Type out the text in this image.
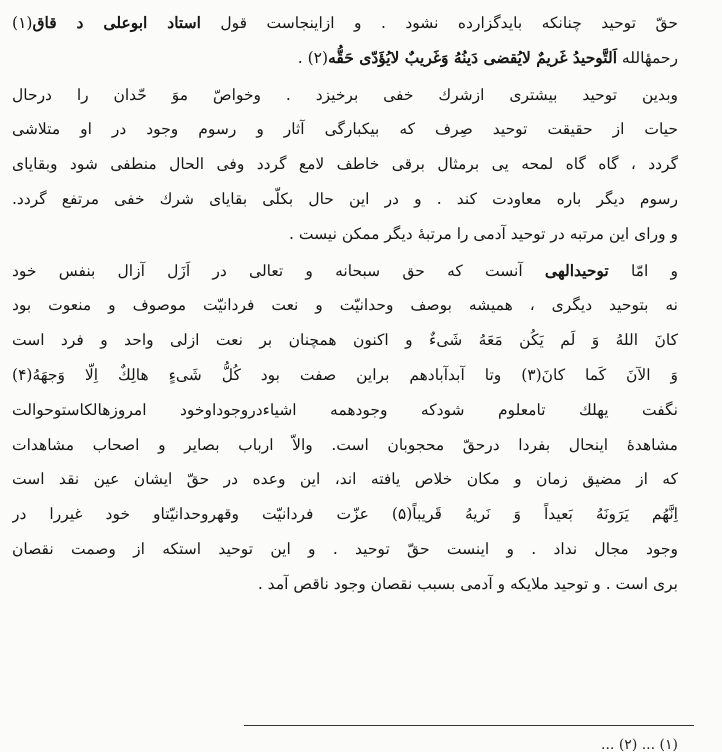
حقّ توحید چنانکه بایدگزارده نشود . و ازاینجاست قول استاد ابوعلی د قاق(۱)
رحمهٔالله اَلتَّوحیدُ غَریمٌ لایُقضی دَینُهُ وَغَریبٌ لایُؤَدّی حَقُّه(۲) .
وبدین توحید بیشتری ازشرك خفی برخیزد . وخواصّ موَ حّدان را درحال
حیات از حقیقت توحید صِرف که بیکبارگی آثار و رسوم وجود در او متلاشی
گردد ، گاه گاه لمحه یی برمثال برقی خاطف لامع گردد وفی الحال منطفی شود وبقایای
رسوم دیگر باره معاودت کند . و در این حال بکلّی بقایای شرك خفی مرتفع گردد.
و ورای این مرتبه در توحید آدمی را مرتبهٔ دیگر ممکن نیست .
و امّا توحیدالهی آنست که حق سبحانه و تعالی در اَزَل آزال بنفس خود
نه بتوحید دیگری ، همیشه بوصف وحدانیّت و نعت فردانیّت موصوف و منعوت بود
کانَ اللهُ وَ لَم یَکُن مَعَهُ شَیءٌ و اکنون همچنان بر نعت ازلی واحد و فرد است
وَ الآنَ کَما کانَ(۳) وتا آبدآبادهم براین صفت بود کُلُّ شَیءٍ هالِكٌ اِلّا وَجهَهُ(۴)
نگفت یهلك تامعلوم شودکه وجودهمه اشیاءدروجوداوخود امروزهالکاستوحوالت
مشاهدهٔ اینحال بفردا درحقّ محجوبان است. والاّ ارباب بصایر و اصحاب مشاهدات
که از مضیق زمان و مکان خلاص یافته اند، این وعده در حقّ ایشان عین نقد است
اِنَّهُم یَرَونَهُ بَعیداً وَ نَریهُ قَریباً(۵) عزّت فردانیّت وقهروحدانیّتاو خود غیررا در
وجود مجال نداد . و اینست حقّ توحید . و این توحید استکه از وصمت نقصان
بری است . و توحید ملایکه و آدمی بسبب نقصان وجود ناقص آمد .
(۱) ... (۲) ...
